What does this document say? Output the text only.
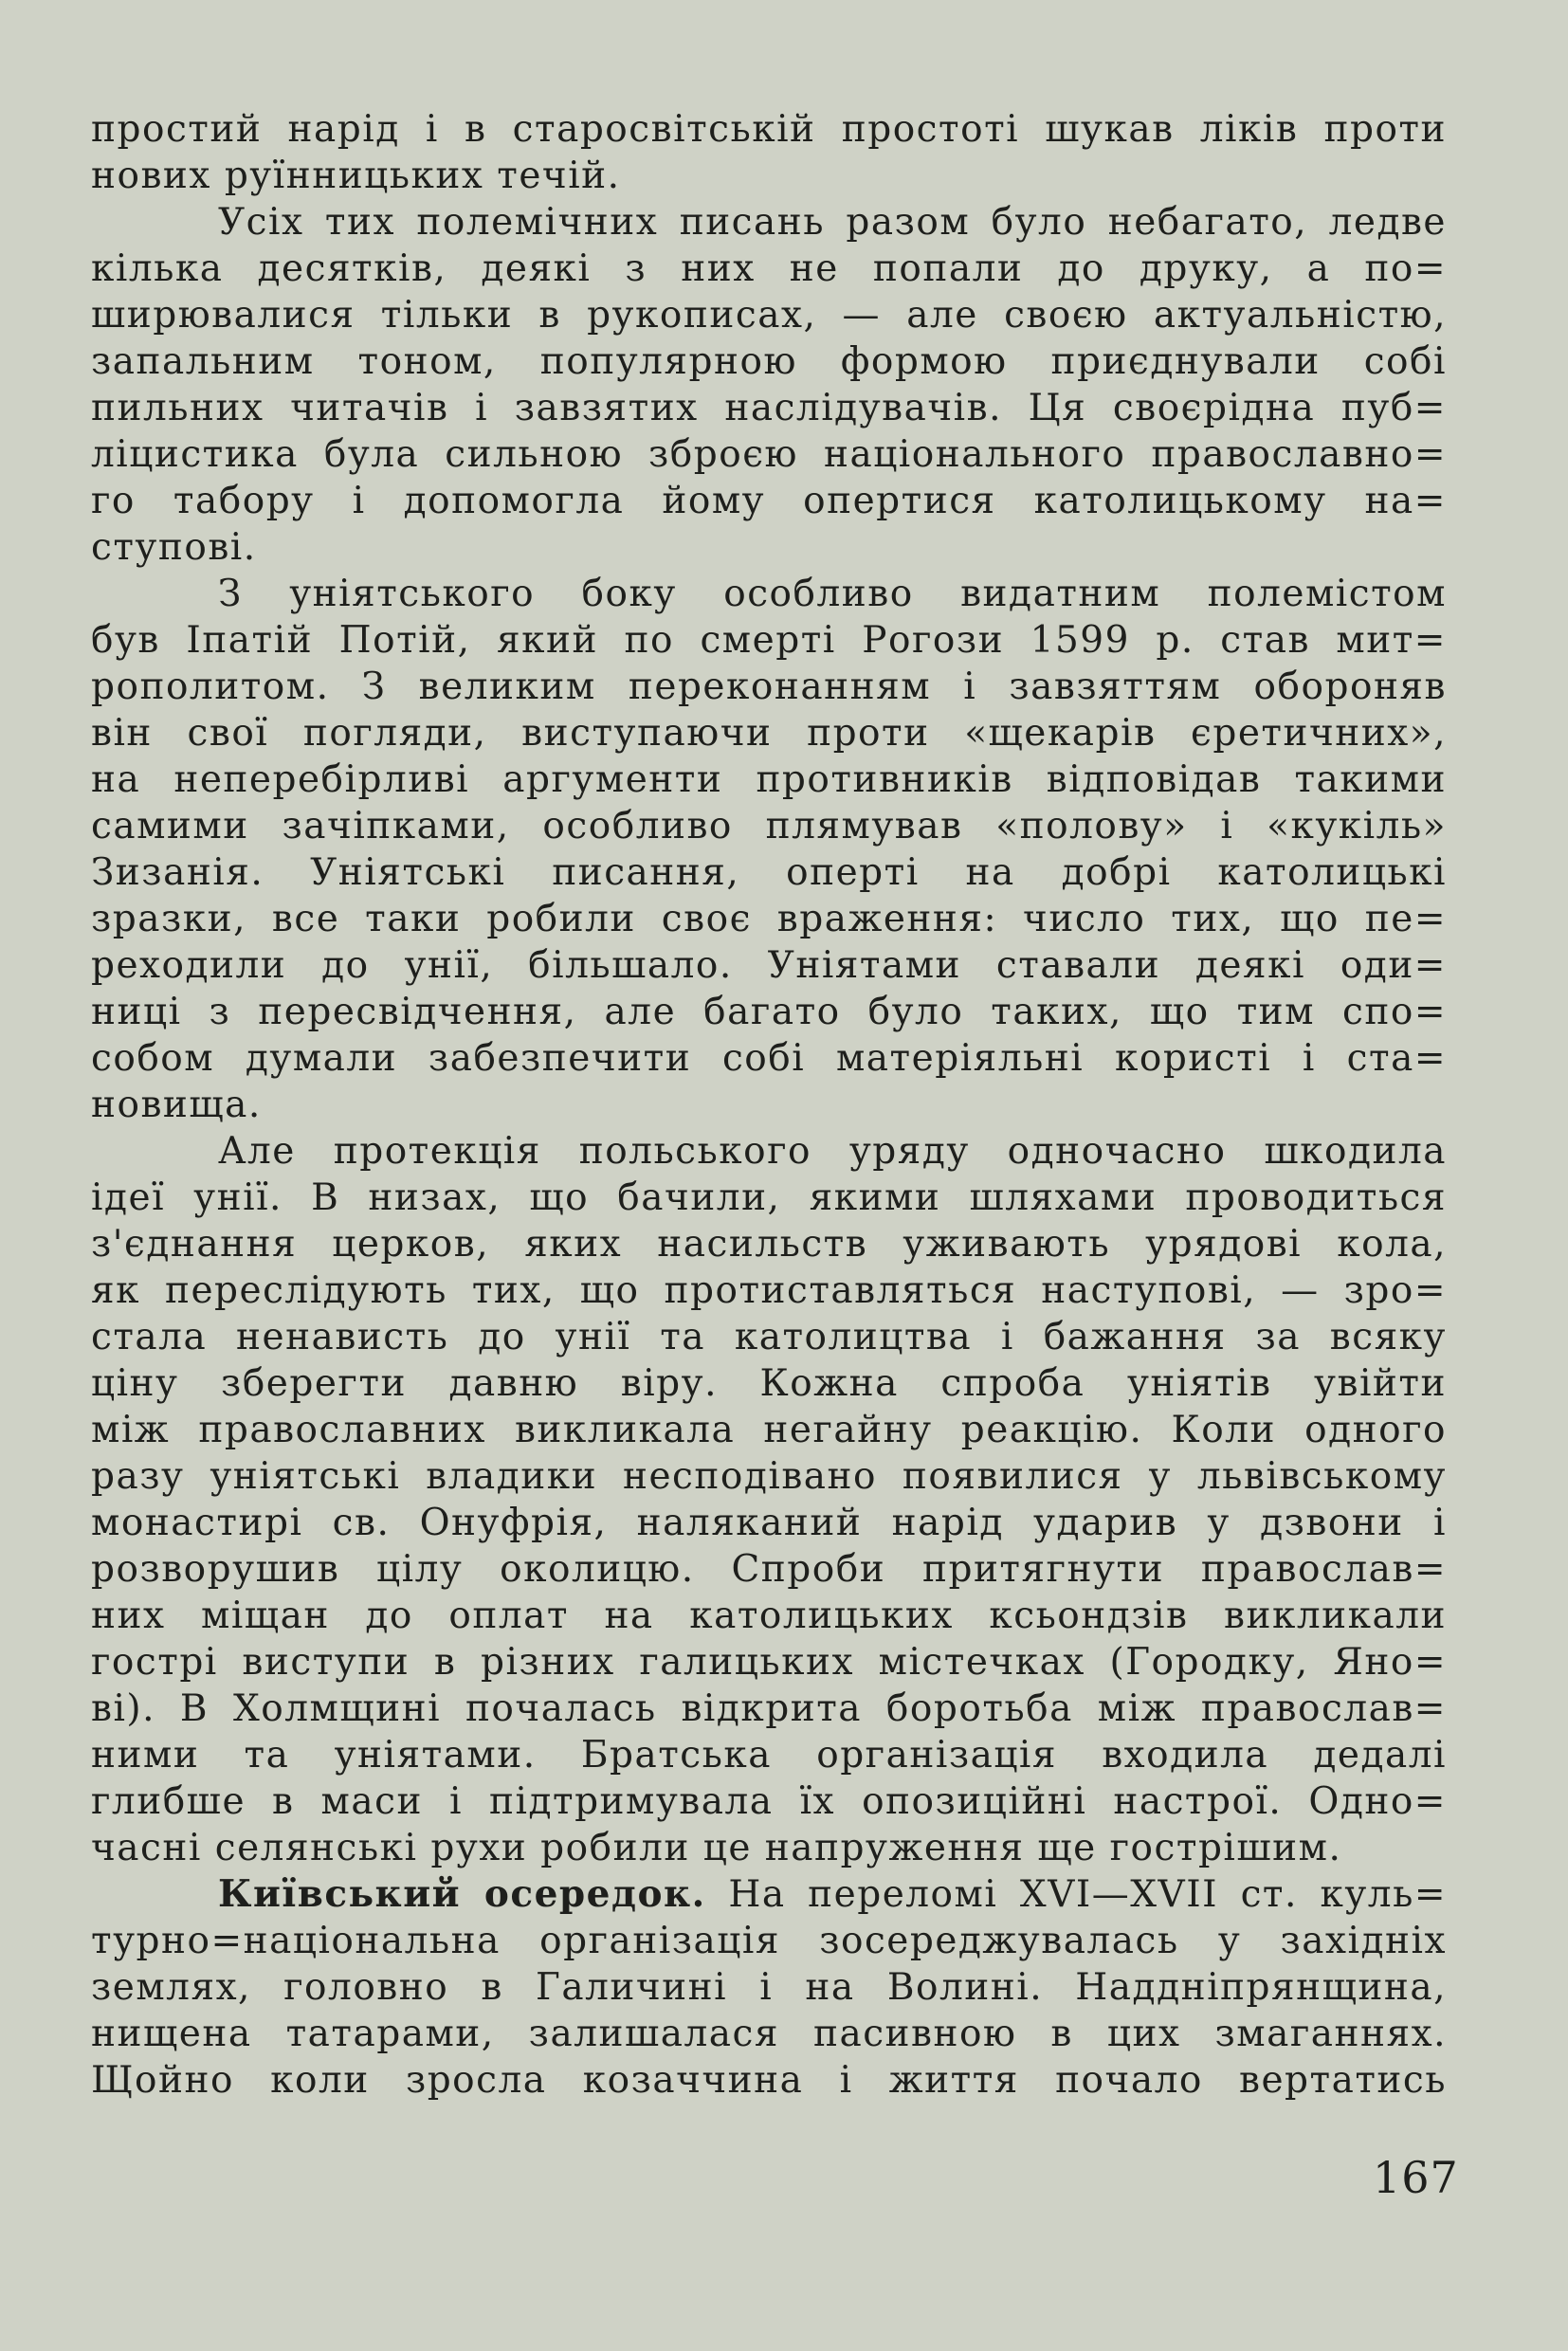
простий нарід і в старосвітській простоті шукав ліків проти
нових руїнницьких течій.
Усіх тих полемічних писань разом було небагато, ледве
кілька десятків, деякі з них не попали до друку, а по=
ширювалися тільки в рукописах, — але своєю актуальністю,
запальним тоном, популярною формою приєднували собі
пильних читачів і завзятих наслідувачів. Ця своєрідна пуб=
ліцистика була сильною зброєю національного православно=
го табору і допомогла йому опертися католицькому на=
ступові.
З уніятського боку особливо видатним полемістом
був Іпатій Потій, який по смерті Рогози 1599 р. став мит=
рополитом. З великим переконанням і завзяттям обороняв
він свої погляди, виступаючи проти «щекарів єретичних»,
на неперебірливі аргументи противників відповідав такими
самими зачіпками, особливо плямував «полову» і «кукіль»
Зизанія. Уніятські писання, оперті на добрі католицькі
зразки, все таки робили своє враження: число тих, що пе=
реходили до унії, більшало. Уніятами ставали деякі оди=
ниці з пересвідчення, але багато було таких, що тим спо=
собом думали забезпечити собі матеріяльні користі і ста=
новища.
Але протекція польського уряду одночасно шкодила
ідеї унії. В низах, що бачили, якими шляхами проводиться
з'єднання церков, яких насильств уживають урядові кола,
як переслідують тих, що протиставляться наступові, — зро=
стала ненависть до унії та католицтва і бажання за всяку
ціну зберегти давню віру. Кожна спроба уніятів увійти
між православних викликала негайну реакцію. Коли одного
разу уніятські владики несподівано появилися у львівському
монастирі св. Онуфрія, наляканий нарід ударив у дзвони і
розворушив цілу околицю. Спроби притягнути православ=
них міщан до оплат на католицьких ксьондзів викликали
гострі виступи в різних галицьких містечках (Городку, Яно=
ві). В Холмщині почалась відкрита боротьба між православ=
ними та уніятами. Братська організація входила дедалі
глибше в маси і підтримувала їх опозиційні настрої. Одно=
часні селянські рухи робили це напруження ще гострішим.
Київський осередок. На переломі XVI—XVII ст. куль=
турно=національна організація зосереджувалась у західніх
землях, головно в Галичині і на Волині. Наддніпрянщина,
нищена татарами, залишалася пасивною в цих змаганнях.
Щойно коли зросла козаччина і життя почало вертатись
167
